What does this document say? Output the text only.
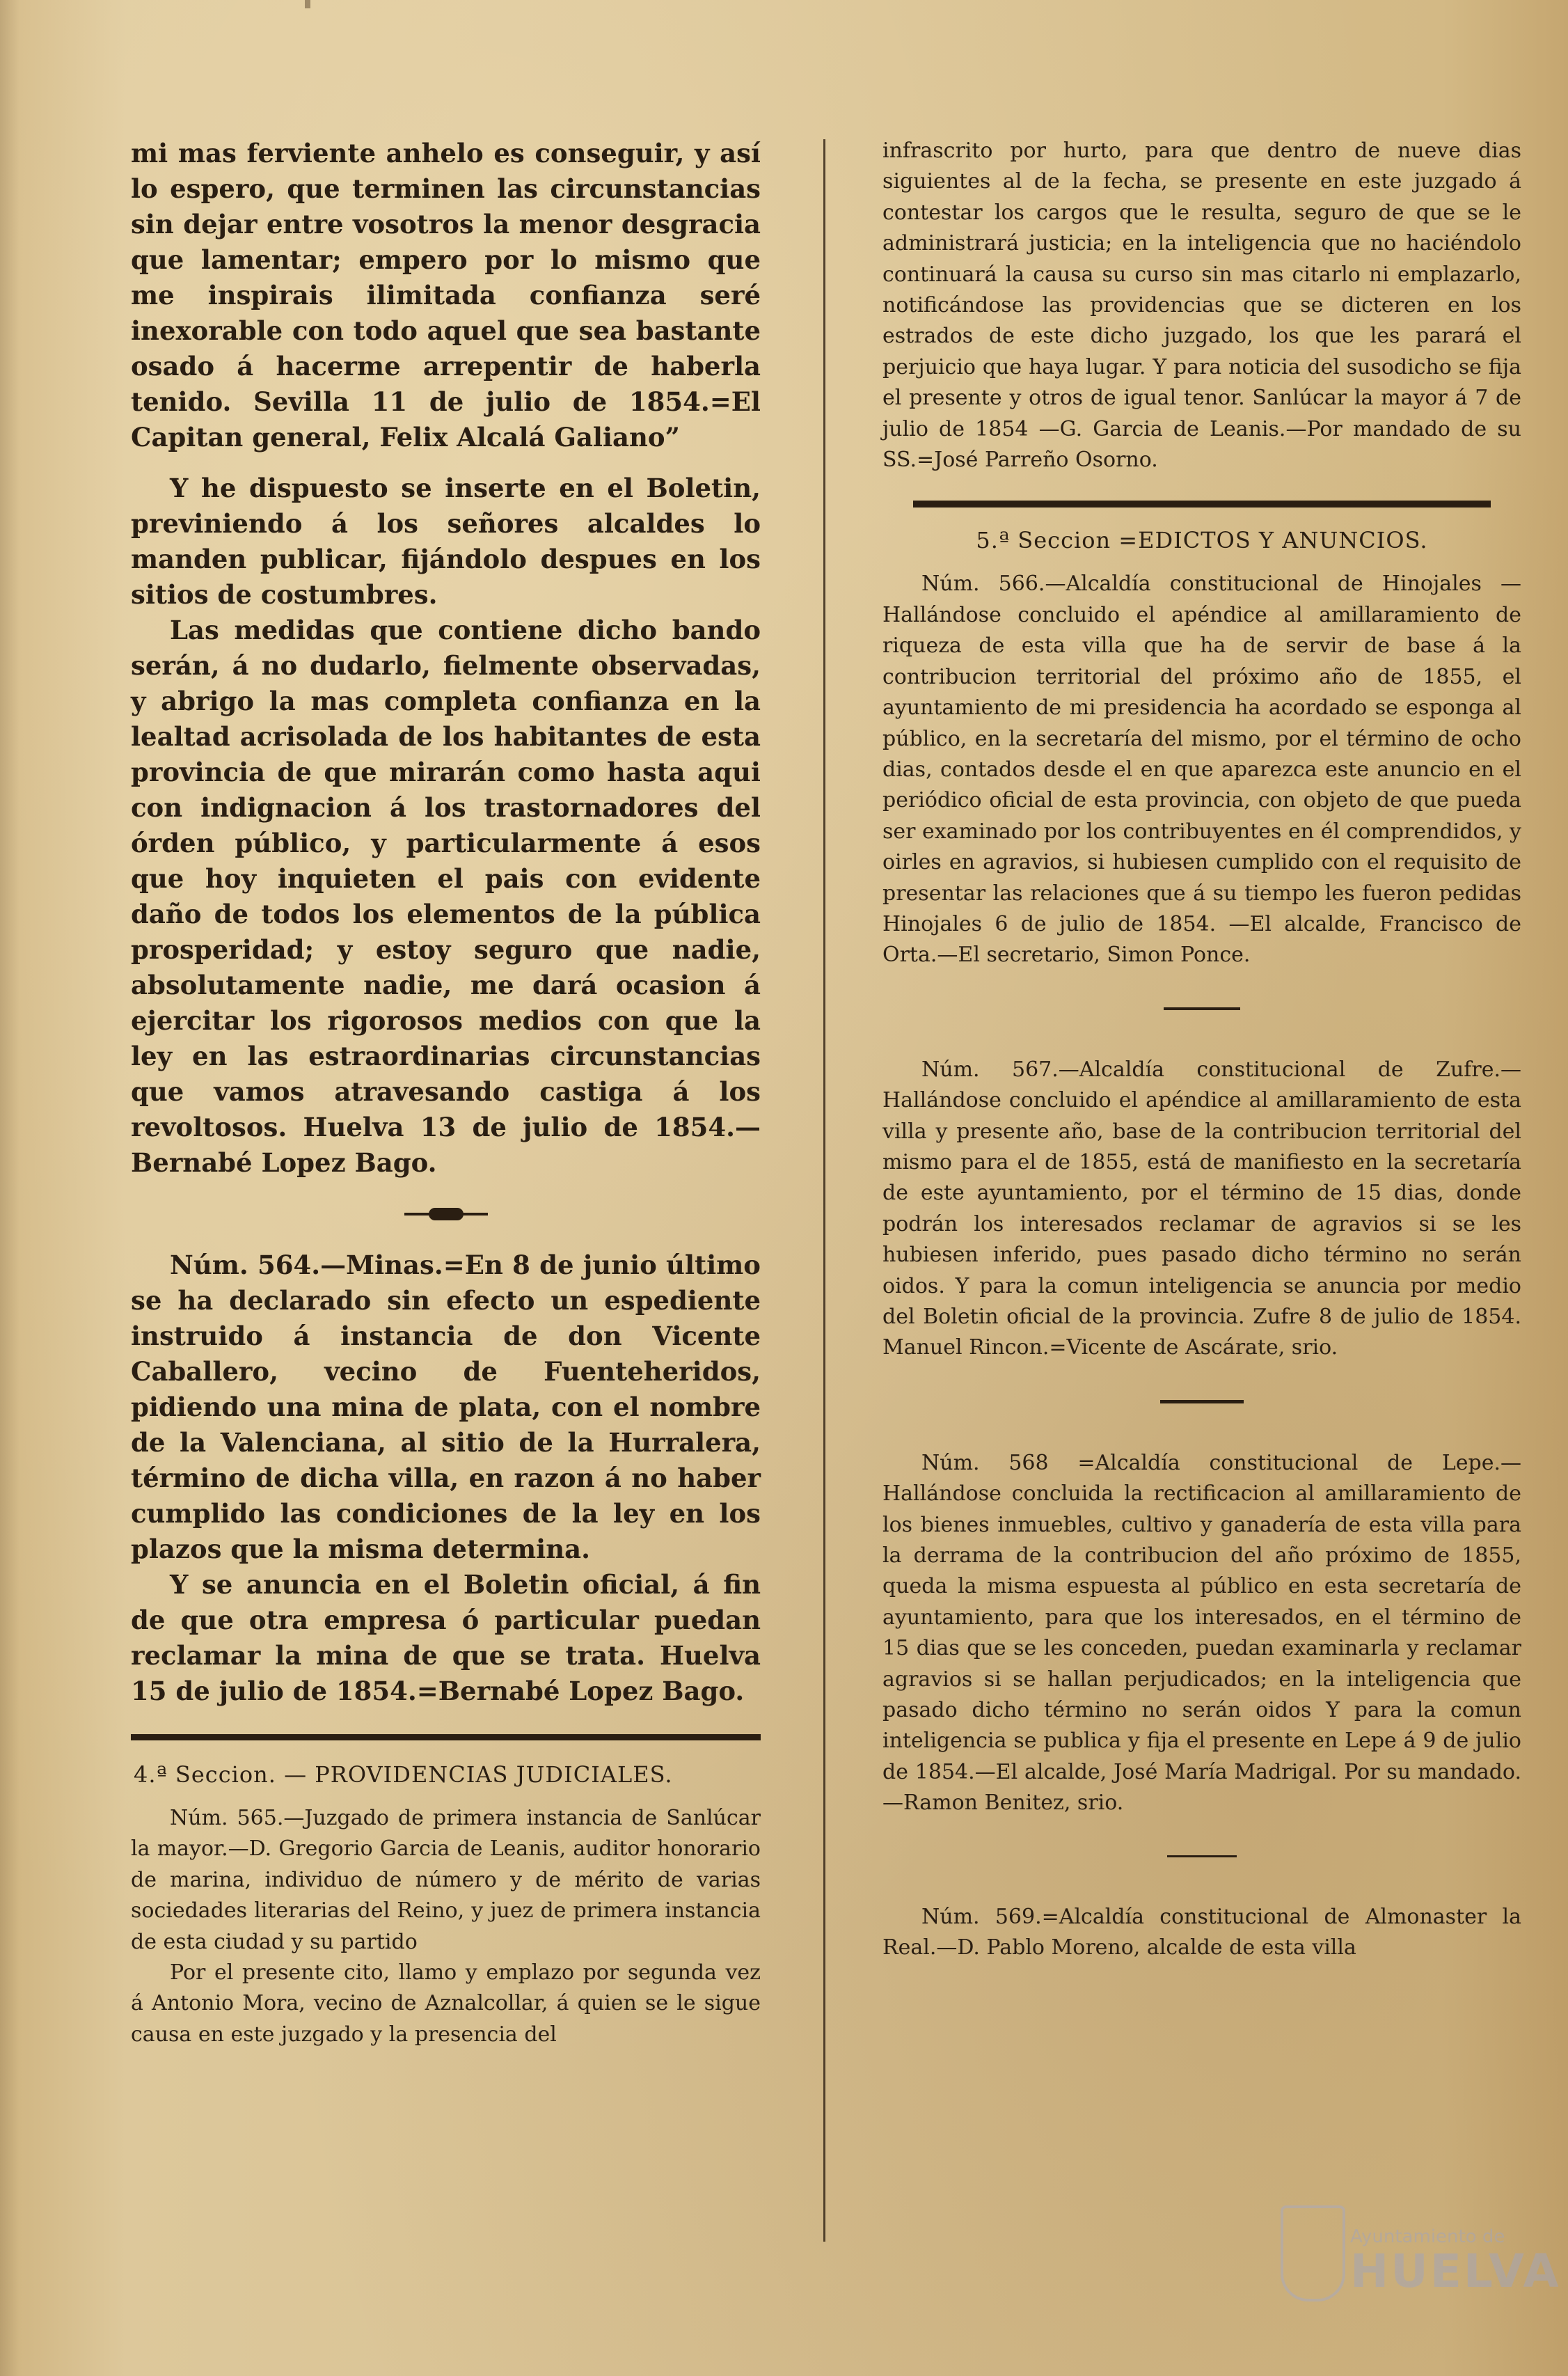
mi mas ferviente anhelo es conseguir, y así lo espero, que terminen las circunstancias sin dejar entre vosotros la menor desgracia que lamentar; empero por lo mismo que me inspirais ilimitada confianza seré inexorable con todo aquel que sea bastante osado á hacerme arrepentir de haberla tenido. Sevilla 11 de julio de 1854.=El Capitan general, Felix Alcalá Galiano”

Y he dispuesto se inserte en el Boletin, previniendo á los señores alcaldes lo manden publicar, fijándolo despues en los sitios de costumbres.

Las medidas que contiene dicho bando serán, á no dudarlo, fielmente observadas, y abrigo la mas completa confianza en la lealtad acrisolada de los habitantes de esta provincia de que mirarán como hasta aqui con indignacion á los trastornadores del órden público, y particularmente á esos que hoy inquieten el pais con evidente daño de todos los elementos de la pública prosperidad; y estoy seguro que nadie, absolutamente nadie, me dará ocasion á ejercitar los rigorosos medios con que la ley en las estraordinarias circunstancias que vamos atravesando castiga á los revoltosos. Huelva 13 de julio de 1854.—Bernabé Lopez Bago.

Núm. 564.—Minas.=En 8 de junio último se ha declarado sin efecto un espediente instruido á instancia de don Vicente Caballero, vecino de Fuenteheridos, pidiendo una mina de plata, con el nombre de la Valenciana, al sitio de la Hurralera, término de dicha villa, en razon á no haber cumplido las condiciones de la ley en los plazos que la misma determina.

Y se anuncia en el Boletin oficial, á fin de que otra empresa ó particular puedan reclamar la mina de que se trata. Huelva 15 de julio de 1854.=Bernabé Lopez Bago.

4.ª Seccion. — PROVIDENCIAS JUDICIALES.

Núm. 565.—Juzgado de primera instancia de Sanlúcar la mayor.—D. Gregorio Garcia de Leanis, auditor honorario de marina, individuo de número y de mérito de varias sociedades literarias del Reino, y juez de primera instancia de esta ciudad y su partido

Por el presente cito, llamo y emplazo por segunda vez á Antonio Mora, vecino de Aznalcollar, á quien se le sigue causa en este juzgado y la presencia del

infrascrito por hurto, para que dentro de nueve dias siguientes al de la fecha, se presente en este juzgado á contestar los cargos que le resulta, seguro de que se le administrará justicia; en la inteligencia que no haciéndolo continuará la causa su curso sin mas citarlo ni emplazarlo, notificándose las providencias que se dicteren en los estrados de este dicho juzgado, los que les parará el perjuicio que haya lugar. Y para noticia del susodicho se fija el presente y otros de igual tenor. Sanlúcar la mayor á 7 de julio de 1854 —G. Garcia de Leanis.—Por mandado de su SS.=José Parreño Osorno.

5.ª Seccion =EDICTOS Y ANUNCIOS.

Núm. 566.—Alcaldía constitucional de Hinojales —Hallándose concluido el apéndice al amillaramiento de riqueza de esta villa que ha de servir de base á la contribucion territorial del próximo año de 1855, el ayuntamiento de mi presidencia ha acordado se esponga al público, en la secretaría del mismo, por el término de ocho dias, contados desde el en que aparezca este anuncio en el periódico oficial de esta provincia, con objeto de que pueda ser examinado por los contribuyentes en él comprendidos, y oirles en agravios, si hubiesen cumplido con el requisito de presentar las relaciones que á su tiempo les fueron pedidas Hinojales 6 de julio de 1854. —El alcalde, Francisco de Orta.—El secretario, Simon Ponce.

Núm. 567.—Alcaldía constitucional de Zufre.—Hallándose concluido el apéndice al amillaramiento de esta villa y presente año, base de la contribucion territorial del mismo para el de 1855, está de manifiesto en la secretaría de este ayuntamiento, por el término de 15 dias, donde podrán los interesados reclamar de agravios si se les hubiesen inferido, pues pasado dicho término no serán oidos. Y para la comun inteligencia se anuncia por medio del Boletin oficial de la provincia. Zufre 8 de julio de 1854. Manuel Rincon.=Vicente de Ascárate, srio.

Núm. 568 =Alcaldía constitucional de Lepe.—Hallándose concluida la rectificacion al amillaramiento de los bienes inmuebles, cultivo y ganadería de esta villa para la derrama de la contribucion del año próximo de 1855, queda la misma espuesta al público en esta secretaría de ayuntamiento, para que los interesados, en el término de 15 dias que se les conceden, puedan examinarla y reclamar agravios si se hallan perjudicados; en la inteligencia que pasado dicho término no serán oidos Y para la comun inteligencia se publica y fija el presente en Lepe á 9 de julio de 1854.—El alcalde, José María Madrigal. Por su mandado.—Ramon Benitez, srio.

Núm. 569.=Alcaldía constitucional de Almonaster la Real.—D. Pablo Moreno, alcalde de esta villa

Ayuntamiento de
HUELVA
